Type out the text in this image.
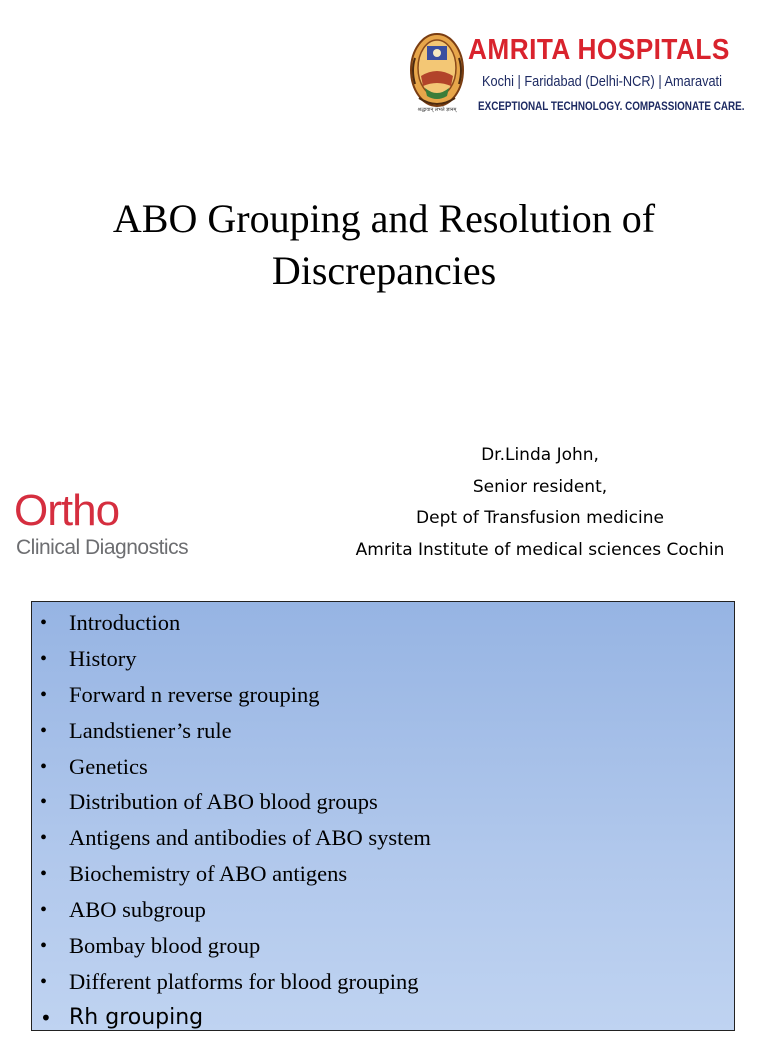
श्रद्धावान् लभते ज्ञानम्
AMRITA HOSPITALS
Kochi | Faridabad (Delhi-NCR) | Amaravati
EXCEPTIONAL TECHNOLOGY. COMPASSIONATE CARE.
ABO Grouping and Resolution of
Discrepancies
Ortho
Clinical Diagnostics
Dr.Linda John,
Senior resident,
Dept of Transfusion medicine
Amrita Institute of medical sciences Cochin
• Introduction
• History
• Forward n reverse grouping
• Landstiener’s rule
• Genetics
• Distribution of ABO blood groups
• Antigens and antibodies of ABO system
• Biochemistry of ABO antigens
• ABO subgroup
• Bombay blood group
• Different platforms for blood grouping
• Rh grouping
